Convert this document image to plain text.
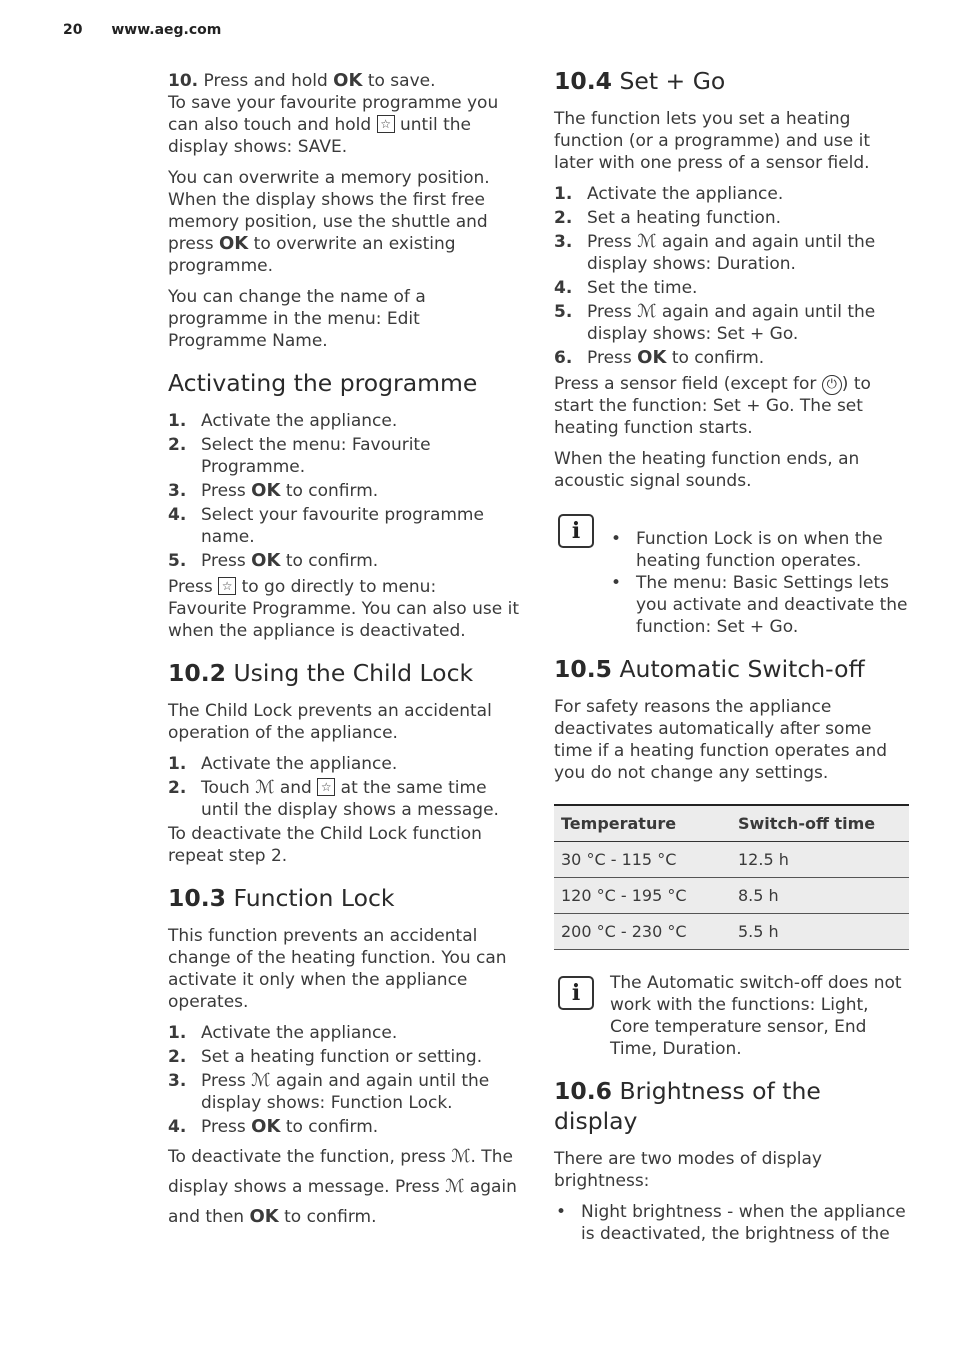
20 www.aeg.com

10. Press and hold OK to save.

To save your favourite programme you can also touch and hold ☆ until the display shows: SAVE.

You can overwrite a memory position. When the display shows the first free memory position, use the shuttle and press OK to overwrite an existing programme.

You can change the name of a programme in the menu: Edit Programme Name.

Activating the programme
1. Activate the appliance.
2. Select the menu: Favourite Programme.
3. Press OK to confirm.
4. Select your favourite programme name.
5. Press OK to confirm.

Press ☆ to go directly to menu: Favourite Programme. You can also use it when the appliance is deactivated.

10.2 Using the Child Lock

The Child Lock prevents an accidental operation of the appliance.

1. Activate the appliance.
2. Touch ℳ and ☆ at the same time until the display shows a message.

To deactivate the Child Lock function repeat step 2.

10.3 Function Lock

This function prevents an accidental change of the heating function. You can activate it only when the appliance operates.

1. Activate the appliance.
2. Set a heating function or setting.
3. Press ℳ again and again until the display shows: Function Lock.
4. Press OK to confirm.

To deactivate the function, press ℳ. The display shows a message. Press ℳ again and then OK to confirm.

10.4 Set + Go

The function lets you set a heating function (or a programme) and use it later with one press of a sensor field.

1. Activate the appliance.
2. Set a heating function.
3. Press ℳ again and again until the display shows: Duration.
4. Set the time.
5. Press ℳ again and again until the display shows: Set + Go.
6. Press OK to confirm.

Press a sensor field (except for ⏻ ) to start the function: Set + Go. The set heating function starts.

When the heating function ends, an acoustic signal sounds.

i	• Function Lock is on when the heating function operates.
• The menu: Basic Settings lets you activate and deactivate the function: Set + Go.
10.5 Automatic Switch-off

For safety reasons the appliance deactivates automatically after some time if a heating function operates and you do not change any settings.

Temperature	Switch-off time
30 °C - 115 °C	12.5 h
120 °C - 195 °C	8.5 h
200 °C - 230 °C	5.5 h
i	The Automatic switch-off does not work with the functions: Light, Core temperature sensor, End Time, Duration.

10.6 Brightness of the display

There are two modes of display brightness:

• Night brightness - when the appliance is deactivated, the brightness of the
